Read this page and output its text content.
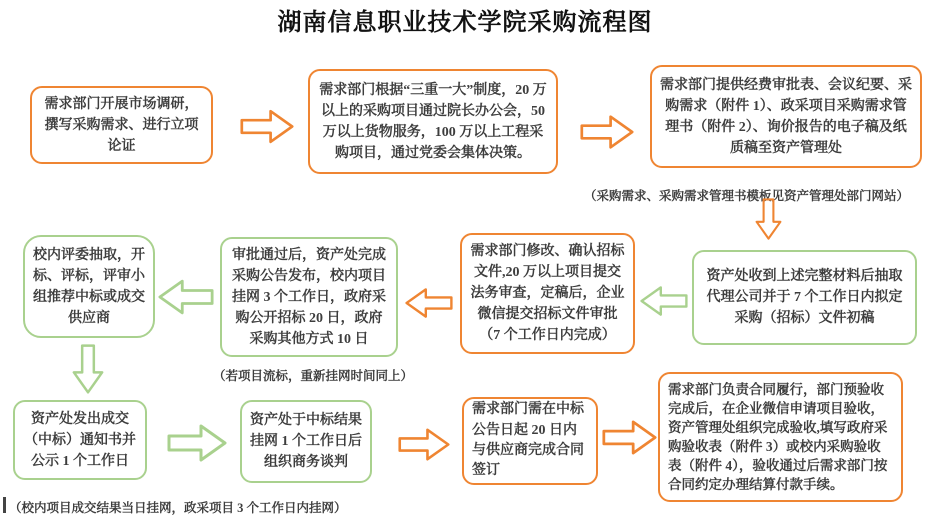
湖南信息职业技术学院采购流程图
需求部门开展市场调研，撰写采购需求、进行立项论证
需求部门根据“三重一大”制度，20 万以上的采购项目通过院长办公会，50 万以上货物服务，100 万以上工程采购项目，通过党委会集体决策。
需求部门提供经费审批表、会议纪要、采购需求（附件 1）、政采项目采购需求管理书（附件 2）、询价报告的电子稿及纸质稿至资产管理处
资产处收到上述完整材料后抽取代理公司并于 7 个工作日内拟定采购（招标）文件初稿
需求部门修改、确认招标文件,20 万以上项目提交法务审查，定稿后，企业微信提交招标文件审批（7 个工作日内完成）
审批通过后，资产处完成采购公告发布，校内项目挂网 3 个工作日，政府采购公开招标 20 日，政府采购其他方式 10 日
校内评委抽取，开标、评标，评审小组推荐中标或成交供应商
资产处发出成交（中标）通知书并公示 1 个工作日
资产处于中标结果挂网 1 个工作日后组织商务谈判
需求部门需在中标公告日起 20 日内与供应商完成合同签订
需求部门负责合同履行，部门预验收完成后，在企业微信申请项目验收，资产管理处组织完成验收,填写政府采购验收表（附件 3）或校内采购验收表（附件 4），验收通过后需求部门按合同约定办理结算付款手续。
（采购需求、采购需求管理书模板见资产管理处部门网站）
（若项目流标，重新挂网时间同上）
（校内项目成交结果当日挂网，政采项目 3 个工作日内挂网）
